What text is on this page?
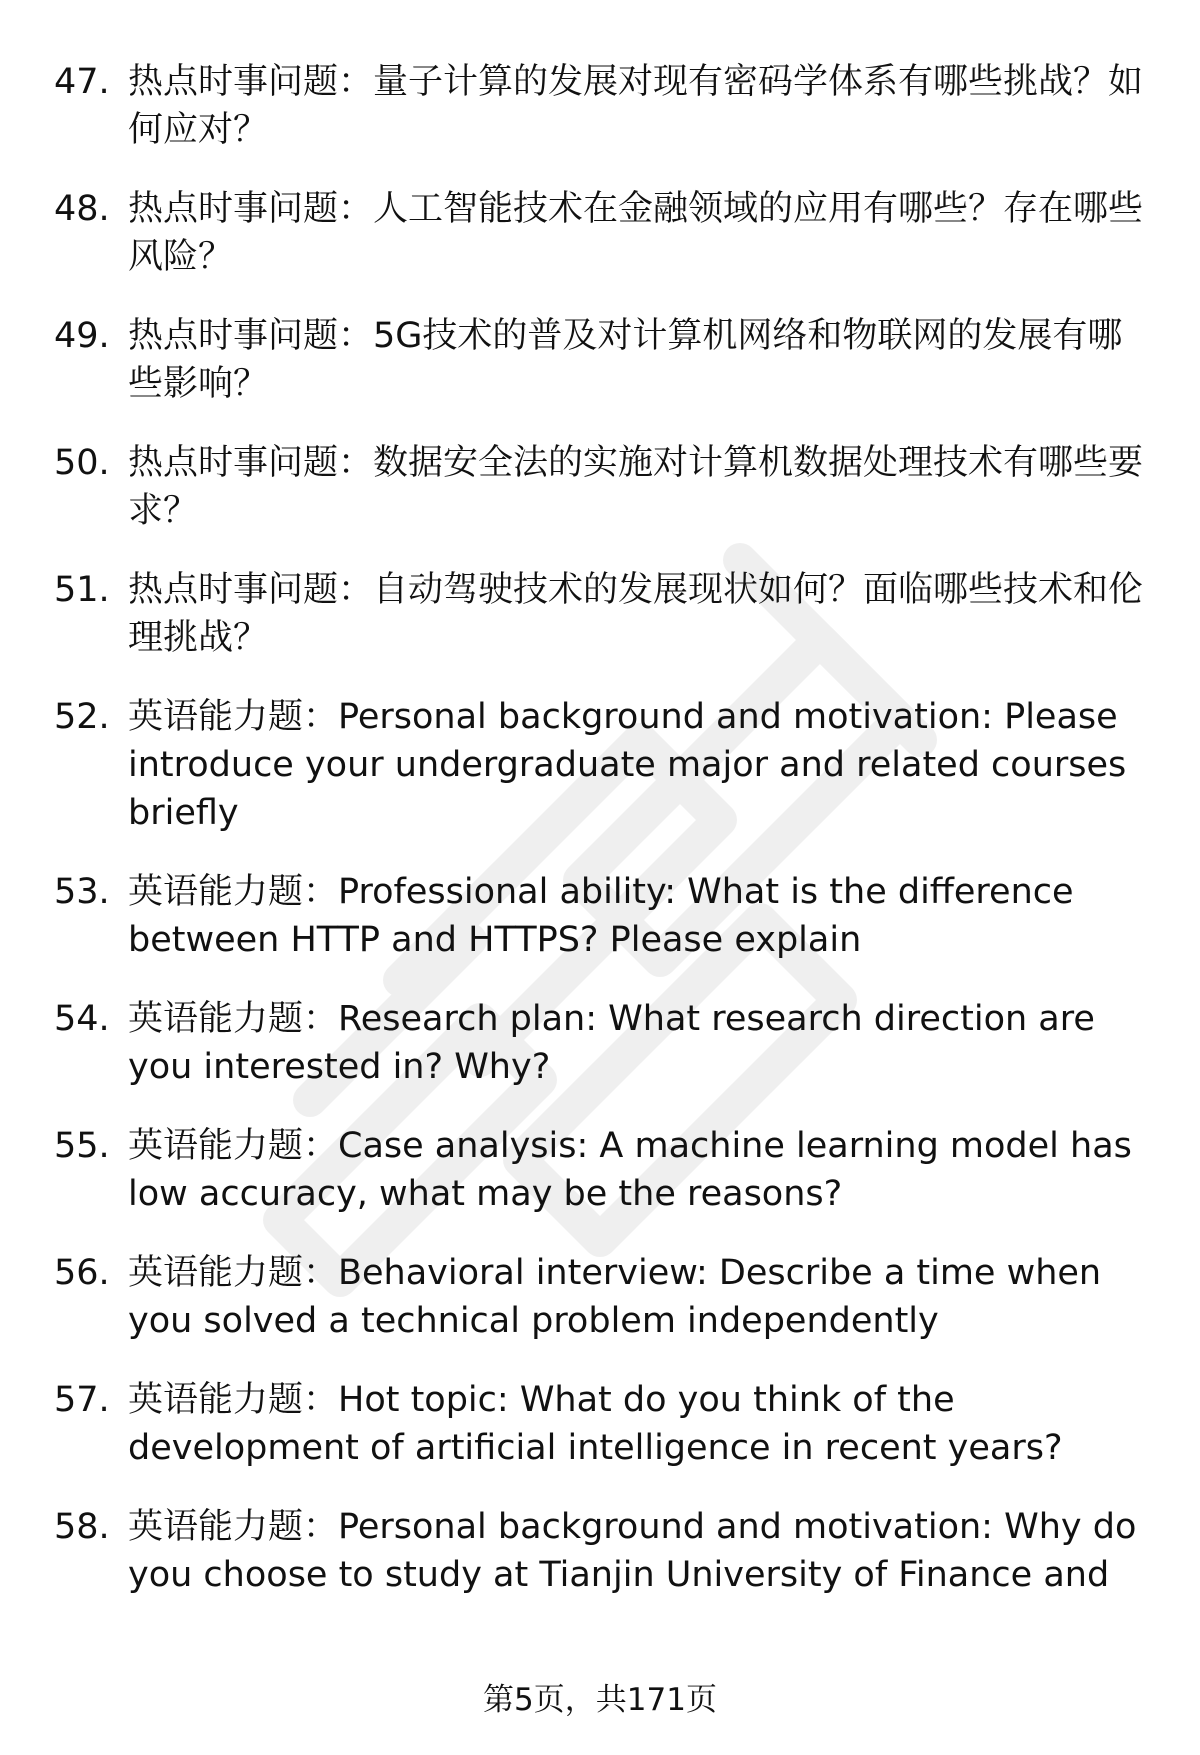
47. 热点时事问题：量子计算的发展对现有密码学体系有哪些挑战？如何应对？
48. 热点时事问题：人工智能技术在金融领域的应用有哪些？存在哪些风险？
49. 热点时事问题：5G技术的普及对计算机网络和物联网的发展有哪些影响？
50. 热点时事问题：数据安全法的实施对计算机数据处理技术有哪些要求？
51. 热点时事问题：自动驾驶技术的发展现状如何？面临哪些技术和伦理挑战？
52. 英语能力题：Personal background and motivation: Please introduce your undergraduate major and related courses briefly
53. 英语能力题：Professional ability: What is the difference between HTTP and HTTPS? Please explain
54. 英语能力题：Research plan: What research direction are you interested in? Why?
55. 英语能力题：Case analysis: A machine learning model has low accuracy, what may be the reasons?
56. 英语能力题：Behavioral interview: Describe a time when you solved a technical problem independently
57. 英语能力题：Hot topic: What do you think of the development of artificial intelligence in recent years?
58. 英语能力题：Personal background and motivation: Why do you choose to study at Tianjin University of Finance and
第5页，共171页
